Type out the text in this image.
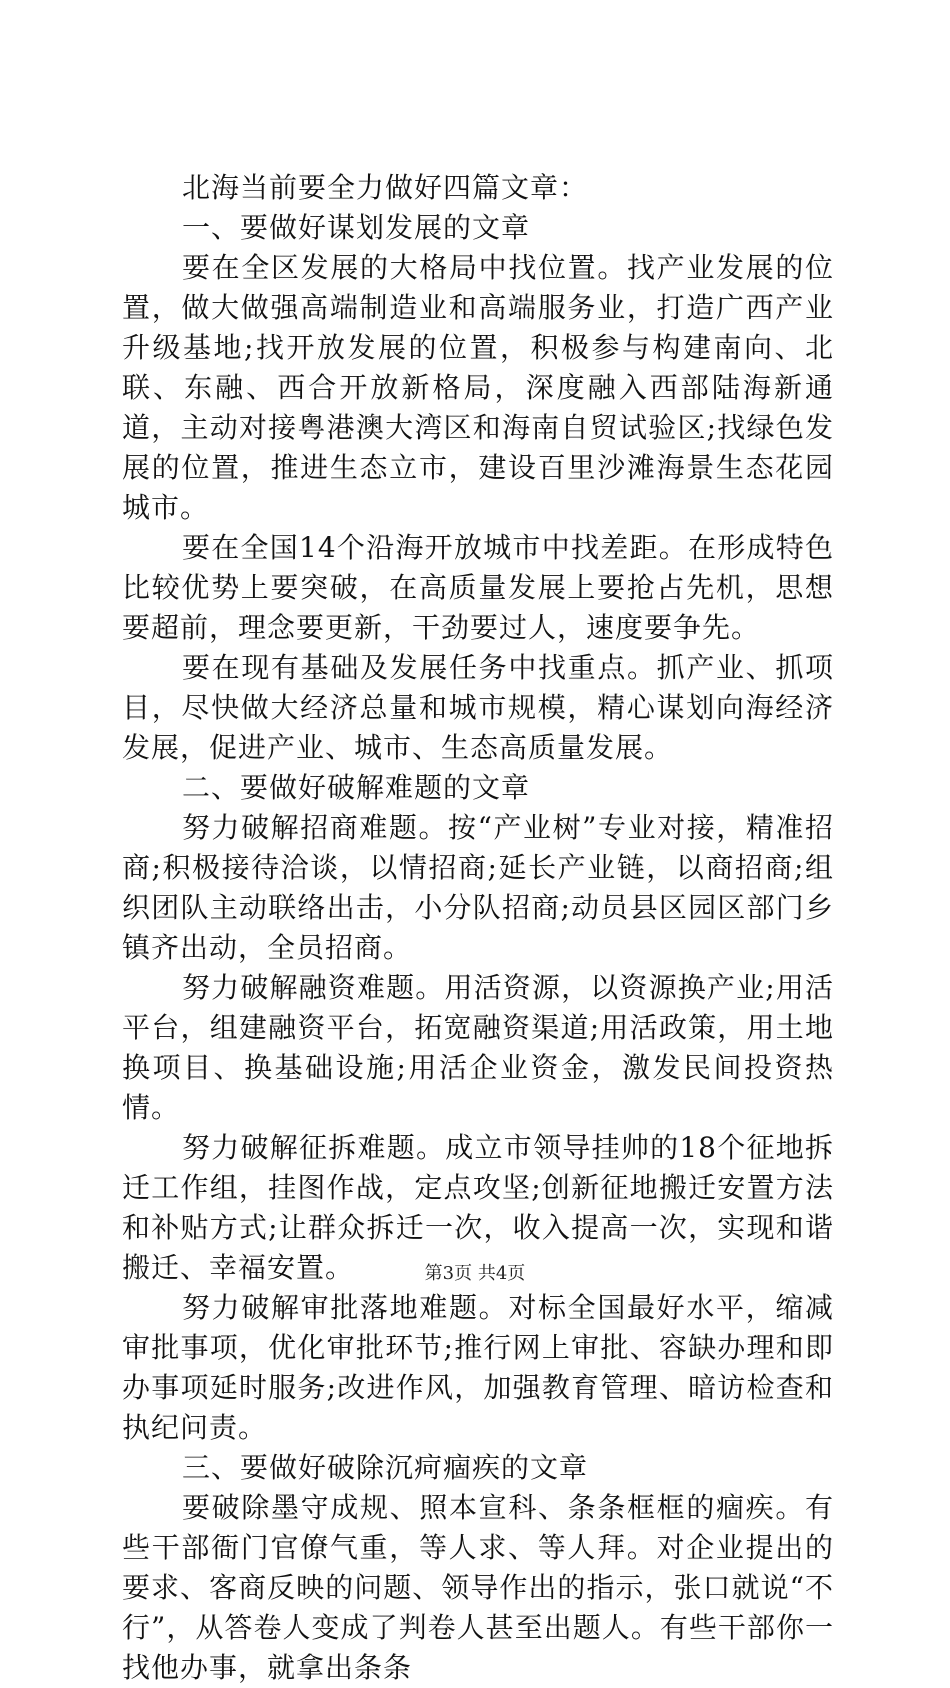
北海当前要全力做好四篇文章：

一、要做好谋划发展的文章

要在全区发展的大格局中找位置。找产业发展的位置，做大做强高端制造业和高端服务业，打造广西产业升级基地;找开放发展的位置，积极参与构建南向、北联、东融、西合开放新格局，深度融入西部陆海新通道，主动对接粤港澳大湾区和海南自贸试验区;找绿色发展的位置，推进生态立市，建设百里沙滩海景生态花园城市。

要在全国14个沿海开放城市中找差距。在形成特色比较优势上要突破，在高质量发展上要抢占先机，思想要超前，理念要更新，干劲要过人，速度要争先。

要在现有基础及发展任务中找重点。抓产业、抓项目，尽快做大经济总量和城市规模，精心谋划向海经济发展，促进产业、城市、生态高质量发展。

二、要做好破解难题的文章

努力破解招商难题。按“产业树”专业对接，精准招商;积极接待洽谈，以情招商;延长产业链，以商招商;组织团队主动联络出击，小分队招商;动员县区园区部门乡镇齐出动，全员招商。

努力破解融资难题。用活资源，以资源换产业;用活平台，组建融资平台，拓宽融资渠道;用活政策，用土地换项目、换基础设施;用活企业资金，激发民间投资热情。

努力破解征拆难题。成立市领导挂帅的18个征地拆迁工作组，挂图作战，定点攻坚;创新征地搬迁安置方法和补贴方式;让群众拆迁一次，收入提高一次，实现和谐搬迁、幸福安置。

努力破解审批落地难题。对标全国最好水平，缩减审批事项，优化审批环节;推行网上审批、容缺办理和即办事项延时服务;改进作风，加强教育管理、暗访检查和执纪问责。

三、要做好破除沉疴痼疾的文章

要破除墨守成规、照本宣科、条条框框的痼疾。有些干部衙门官僚气重，等人求、等人拜。对企业提出的要求、客商反映的问题、领导作出的指示，张口就说“不行”，从答卷人变成了判卷人甚至出题人。有些干部你一找他办事，就拿出条条

第3页 共4页
